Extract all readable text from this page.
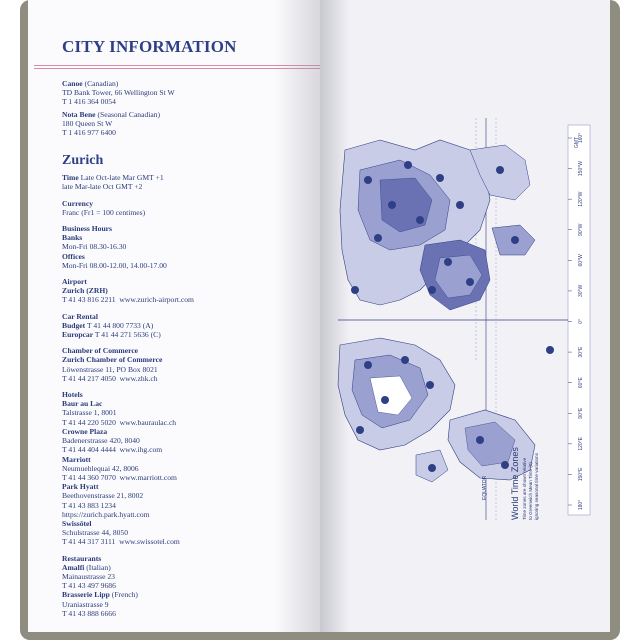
CITY INFORMATION
Canoe (Canadian)
TD Bank Tower, 66 Wellington St W
T 1 416 364 0054
Nota Bene (Seasonal Canadian)
180 Queen St W
T 1 416 977 6400
Zurich
Time Late Oct-late Mar GMT +1
late Mar-late Oct GMT +2
Currency
Franc (Fr1 = 100 centimes)
Business Hours
Banks
Mon-Fri 08.30-16.30
Offices
Mon-Fri 08.00-12.00, 14.00-17.00
Airport
Zurich (ZRH)
T 41 43 816 2211 www.zurich-airport.com
Car Rental
Budget T 41 44 800 7733 (A)
Europcar T 41 44 271 5636 (C)
Chamber of Commerce
Zurich Chamber of Commerce
Löwenstrasse 11, PO Box 8021
T 41 44 217 4050 www.zhk.ch
Hotels
Baur au Lac
Talstrasse 1, 8001
T 41 44 220 5020 www.bauraulac.ch
Crowne Plaza
Badenerstrasse 420, 8040
T 41 44 404 4444 www.ihg.com
Marriott
Neumuehlequai 42, 8006
T 41 44 360 7070 www.marriott.com
Park Hyatt
Beethovenstrasse 21, 8002
T 41 43 883 1234
https://zurich.park.hyatt.com
Swissôtel
Schulstrasse 44, 8050
T 41 44 317 3111 www.swissotel.com
Restaurants
Amalfi (Italian)
Mainaustrasse 23
T 41 43 497 9686
Brasserie Lipp (French)
Uraniastrasse 9
T 41 43 888 6666
160°
150°W
120°W
90°W
60°W
30°W
0°
30°E
60°E
90°E
120°E
150°E
180°
EQUATOR
GMT
World Time Zones Time zones are shown relative to Greenwich Mean Time (0) ignoring seasonal time variations
